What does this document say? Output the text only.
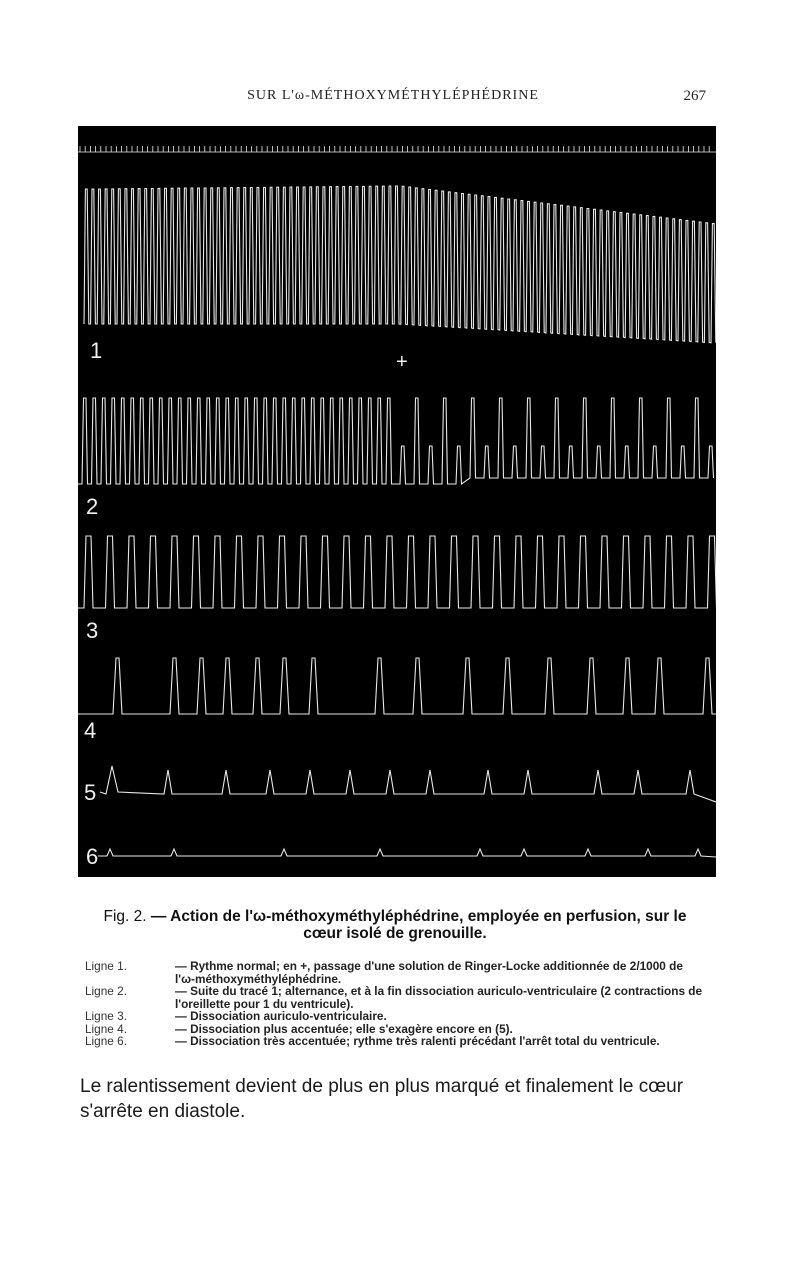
SUR L'ω-MÉTHOXYMÉTHYLÉPHÉDRINE	267
1
2
3
4
5
6
+

Fig. 2. — Action de l'ω-méthoxyméthyléphédrine, employée en perfusion, sur le cœur isolé de grenouille.

Ligne 1.	— Rythme normal; en +, passage d'une solution de Ringer-Locke additionnée de 2/1000 de l'ω-méthoxyméthyléphédrine.
Ligne 2.	— Suite du tracé 1; alternance, et à la fin dissociation auriculo-ventriculaire (2 contractions de l'oreillette pour 1 du ventricule).
Ligne 3.	— Dissociation auriculo-ventriculaire.
Ligne 4.	— Dissociation plus accentuée; elle s'exagère encore en (5).
Ligne 6.	— Dissociation très accentuée; rythme très ralenti précédant l'arrêt total du ventricule.

Le ralentissement devient de plus en plus marqué et finalement le cœur s'arrête en diastole.
